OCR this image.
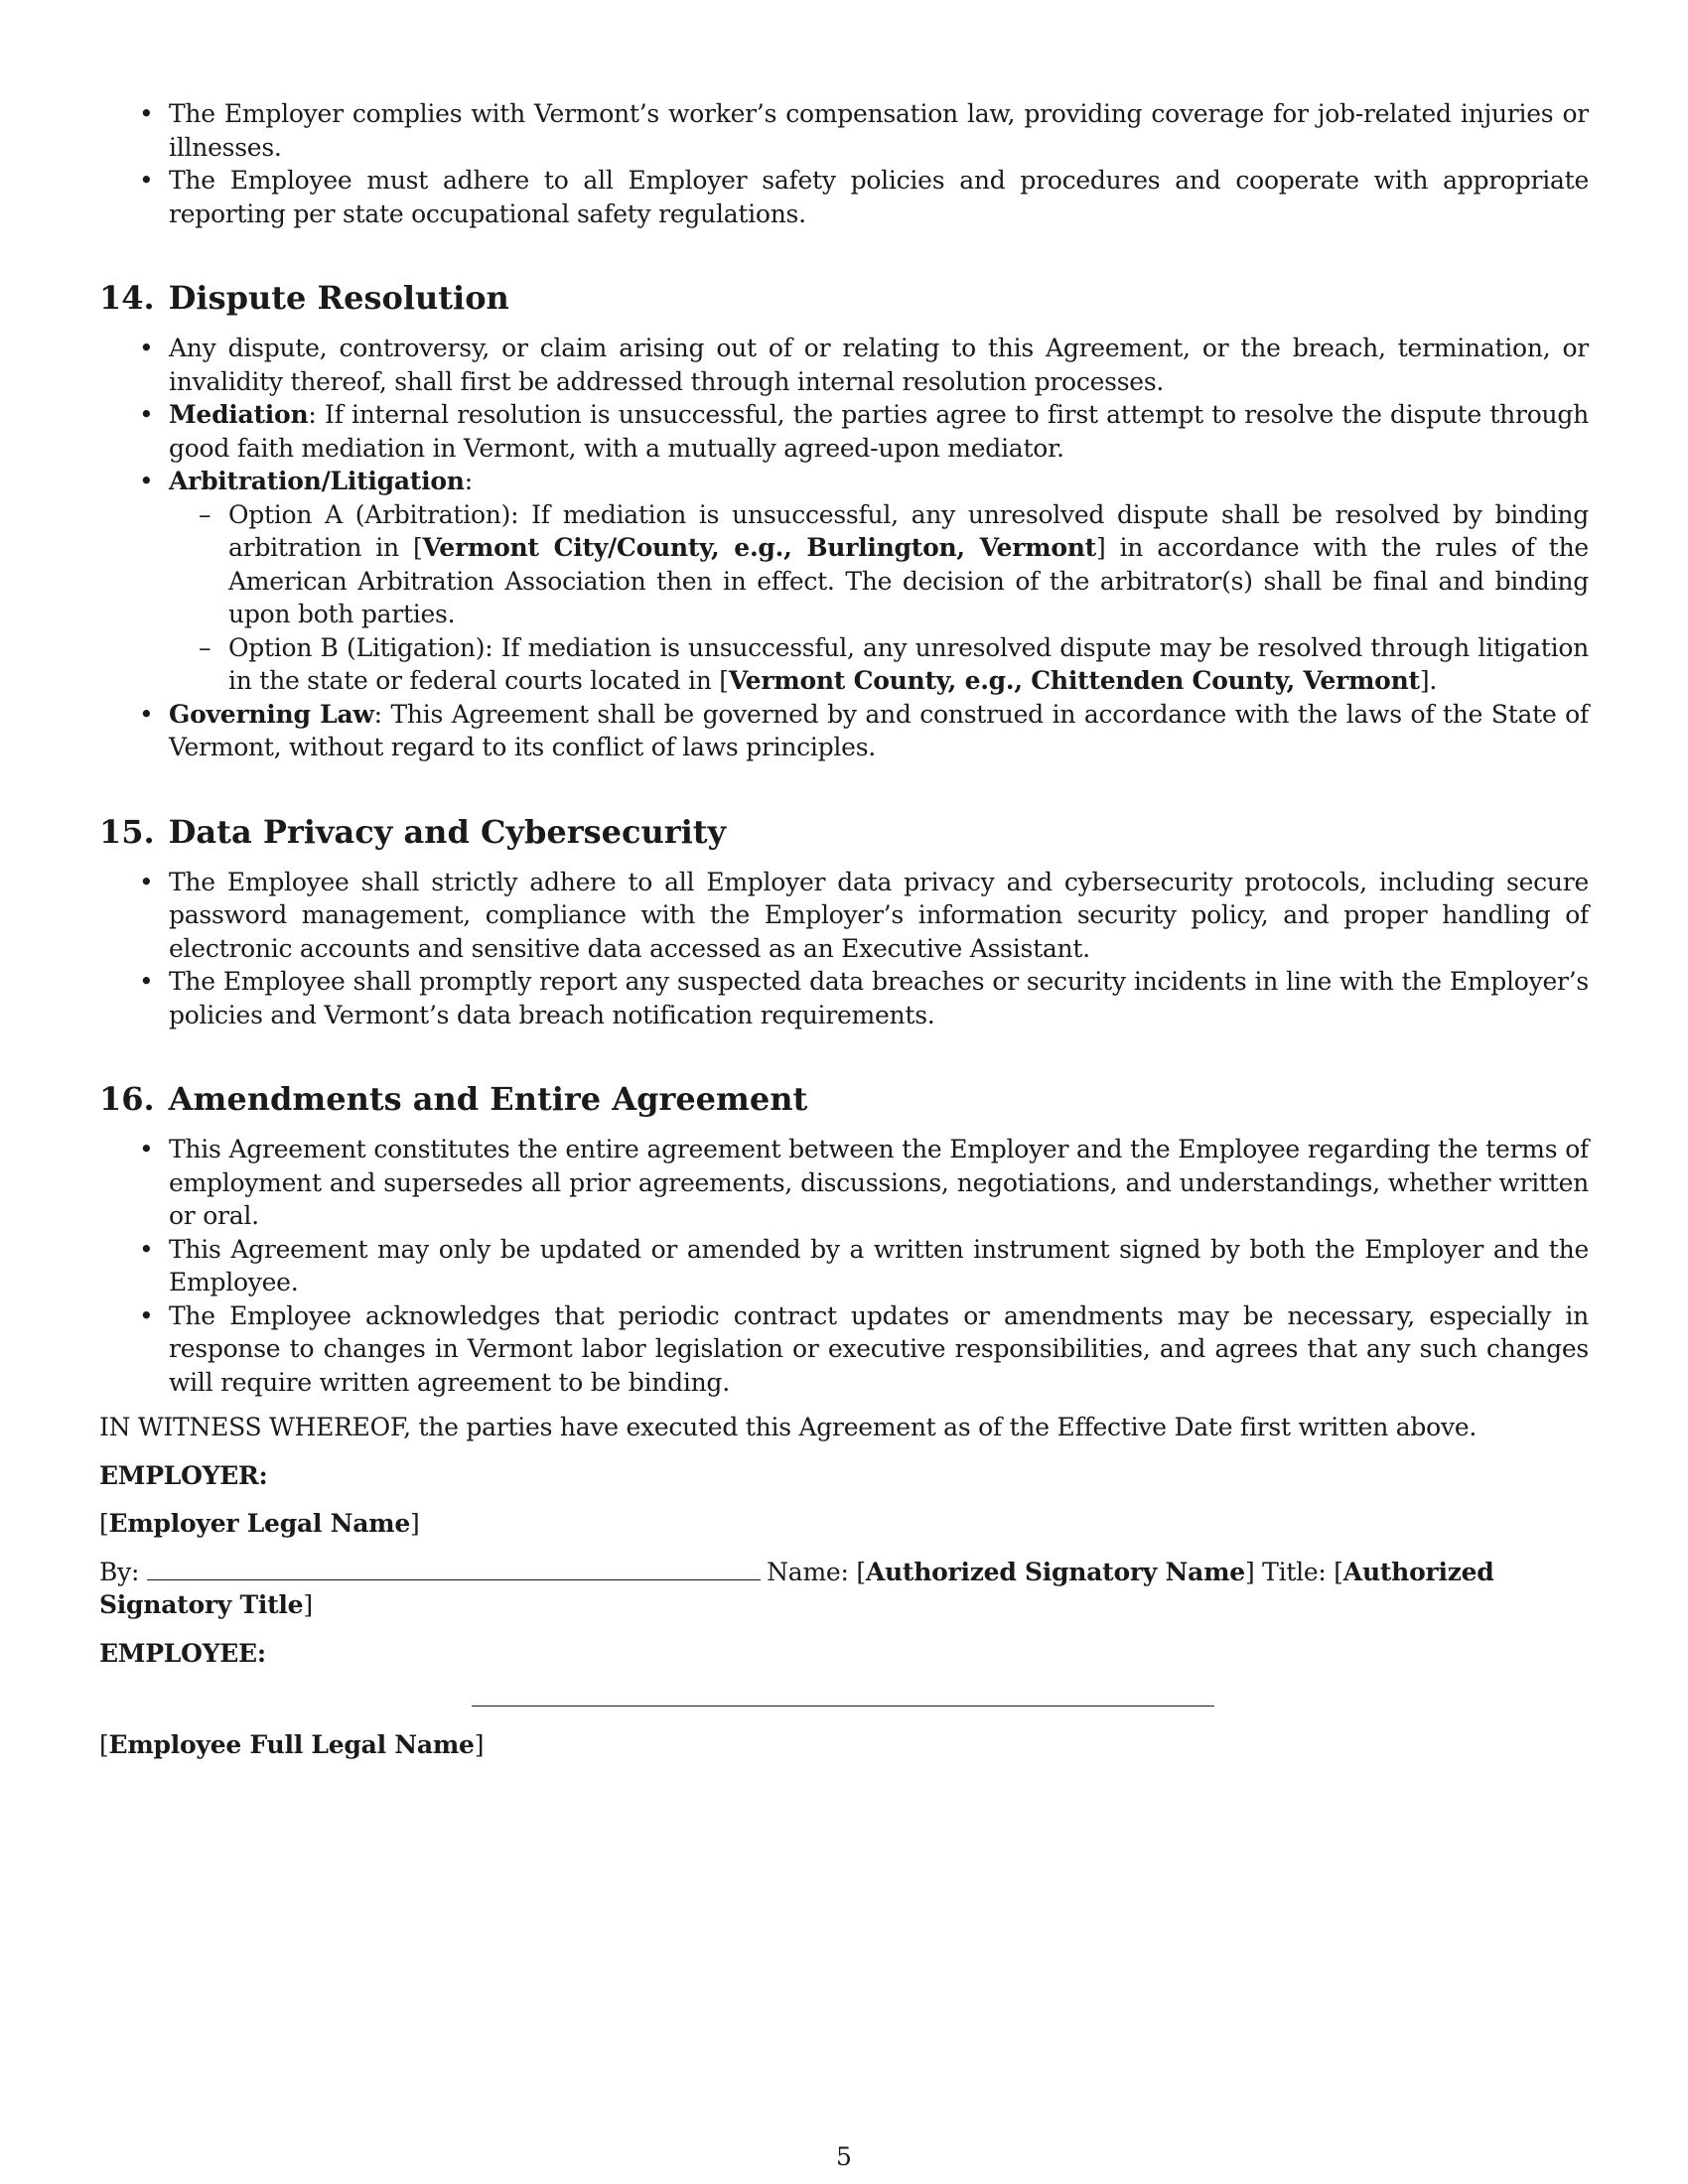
• The Employer complies with Vermont’s worker’s compensation law, providing coverage for job-related injuries or illnesses.
• The Employee must adhere to all Employer safety policies and procedures and cooperate with appropriate reporting per state occupational safety regulations.
14. Dispute Resolution
• Any dispute, controversy, or claim arising out of or relating to this Agreement, or the breach, termination, or invalidity thereof, shall first be addressed through internal resolution processes.
• Mediation: If internal resolution is unsuccessful, the parties agree to first attempt to resolve the dispute through good faith mediation in Vermont, with a mutually agreed-upon mediator.
• Arbitration/Litigation:
– Option A (Arbitration): If mediation is unsuccessful, any unresolved dispute shall be resolved by binding arbitration in [Vermont City/County, e.g., Burlington, Vermont] in accordance with the rules of the American Arbitration Association then in effect. The decision of the arbitrator(s) shall be final and binding upon both parties.
– Option B (Litigation): If mediation is unsuccessful, any unresolved dispute may be resolved through litigation in the state or federal courts located in [Vermont County, e.g., Chittenden County, Vermont].
• Governing Law: This Agreement shall be governed by and construed in accordance with the laws of the State of Vermont, without regard to its conflict of laws principles.
15. Data Privacy and Cybersecurity
• The Employee shall strictly adhere to all Employer data privacy and cybersecurity protocols, including secure password management, compliance with the Employer’s information security policy, and proper handling of electronic accounts and sensitive data accessed as an Executive Assistant.
• The Employee shall promptly report any suspected data breaches or security incidents in line with the Employer’s policies and Vermont’s data breach notification requirements.
16. Amendments and Entire Agreement
• This Agreement constitutes the entire agreement between the Employer and the Employee regarding the terms of employment and supersedes all prior agreements, discussions, negotiations, and understandings, whether written or oral.
• This Agreement may only be updated or amended by a written instrument signed by both the Employer and the Employee.
• The Employee acknowledges that periodic contract updates or amendments may be necessary, especially in response to changes in Vermont labor legislation or executive responsibilities, and agrees that any such changes will require written agreement to be binding.

IN WITNESS WHEREOF, the parties have executed this Agreement as of the Effective Date first written above.

EMPLOYER:

[Employer Legal Name]

By:	Name: [Authorized Signatory Name] Title: [Authorized Signatory Title]

EMPLOYEE:

[Employee Full Legal Name]

5
